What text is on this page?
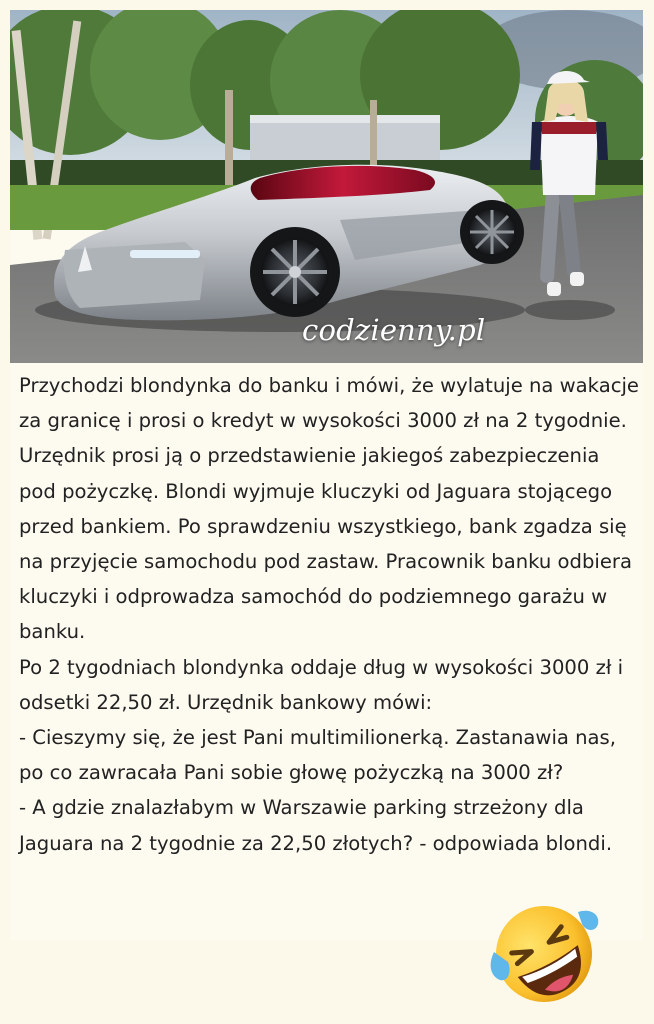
codzienny.pl

Przychodzi blondynka do banku i mówi, że wylatuje na wakacje za granicę i prosi o kredyt w wysokości 3000 zł na 2 tygodnie. Urzędnik prosi ją o przedstawienie jakiegoś zabezpieczenia pod pożyczkę. Blondi wyjmuje kluczyki od Jaguara stojącego przed bankiem. Po sprawdzeniu wszystkiego, bank zgadza się na przyjęcie samochodu pod zastaw. Pracownik banku odbiera kluczyki i odprowadza samochód do podziemnego garażu w banku.

Po 2 tygodniach blondynka oddaje dług w wysokości 3000 zł i odsetki 22,50 zł. Urzędnik bankowy mówi:

- Cieszymy się, że jest Pani multimilionerką. Zastanawia nas, po co zawracała Pani sobie głowę pożyczką na 3000 zł?

- A gdzie znalazłabym w Warszawie parking strzeżony dla Jaguara na 2 tygodnie za 22,50 złotych? - odpowiada blondi.
